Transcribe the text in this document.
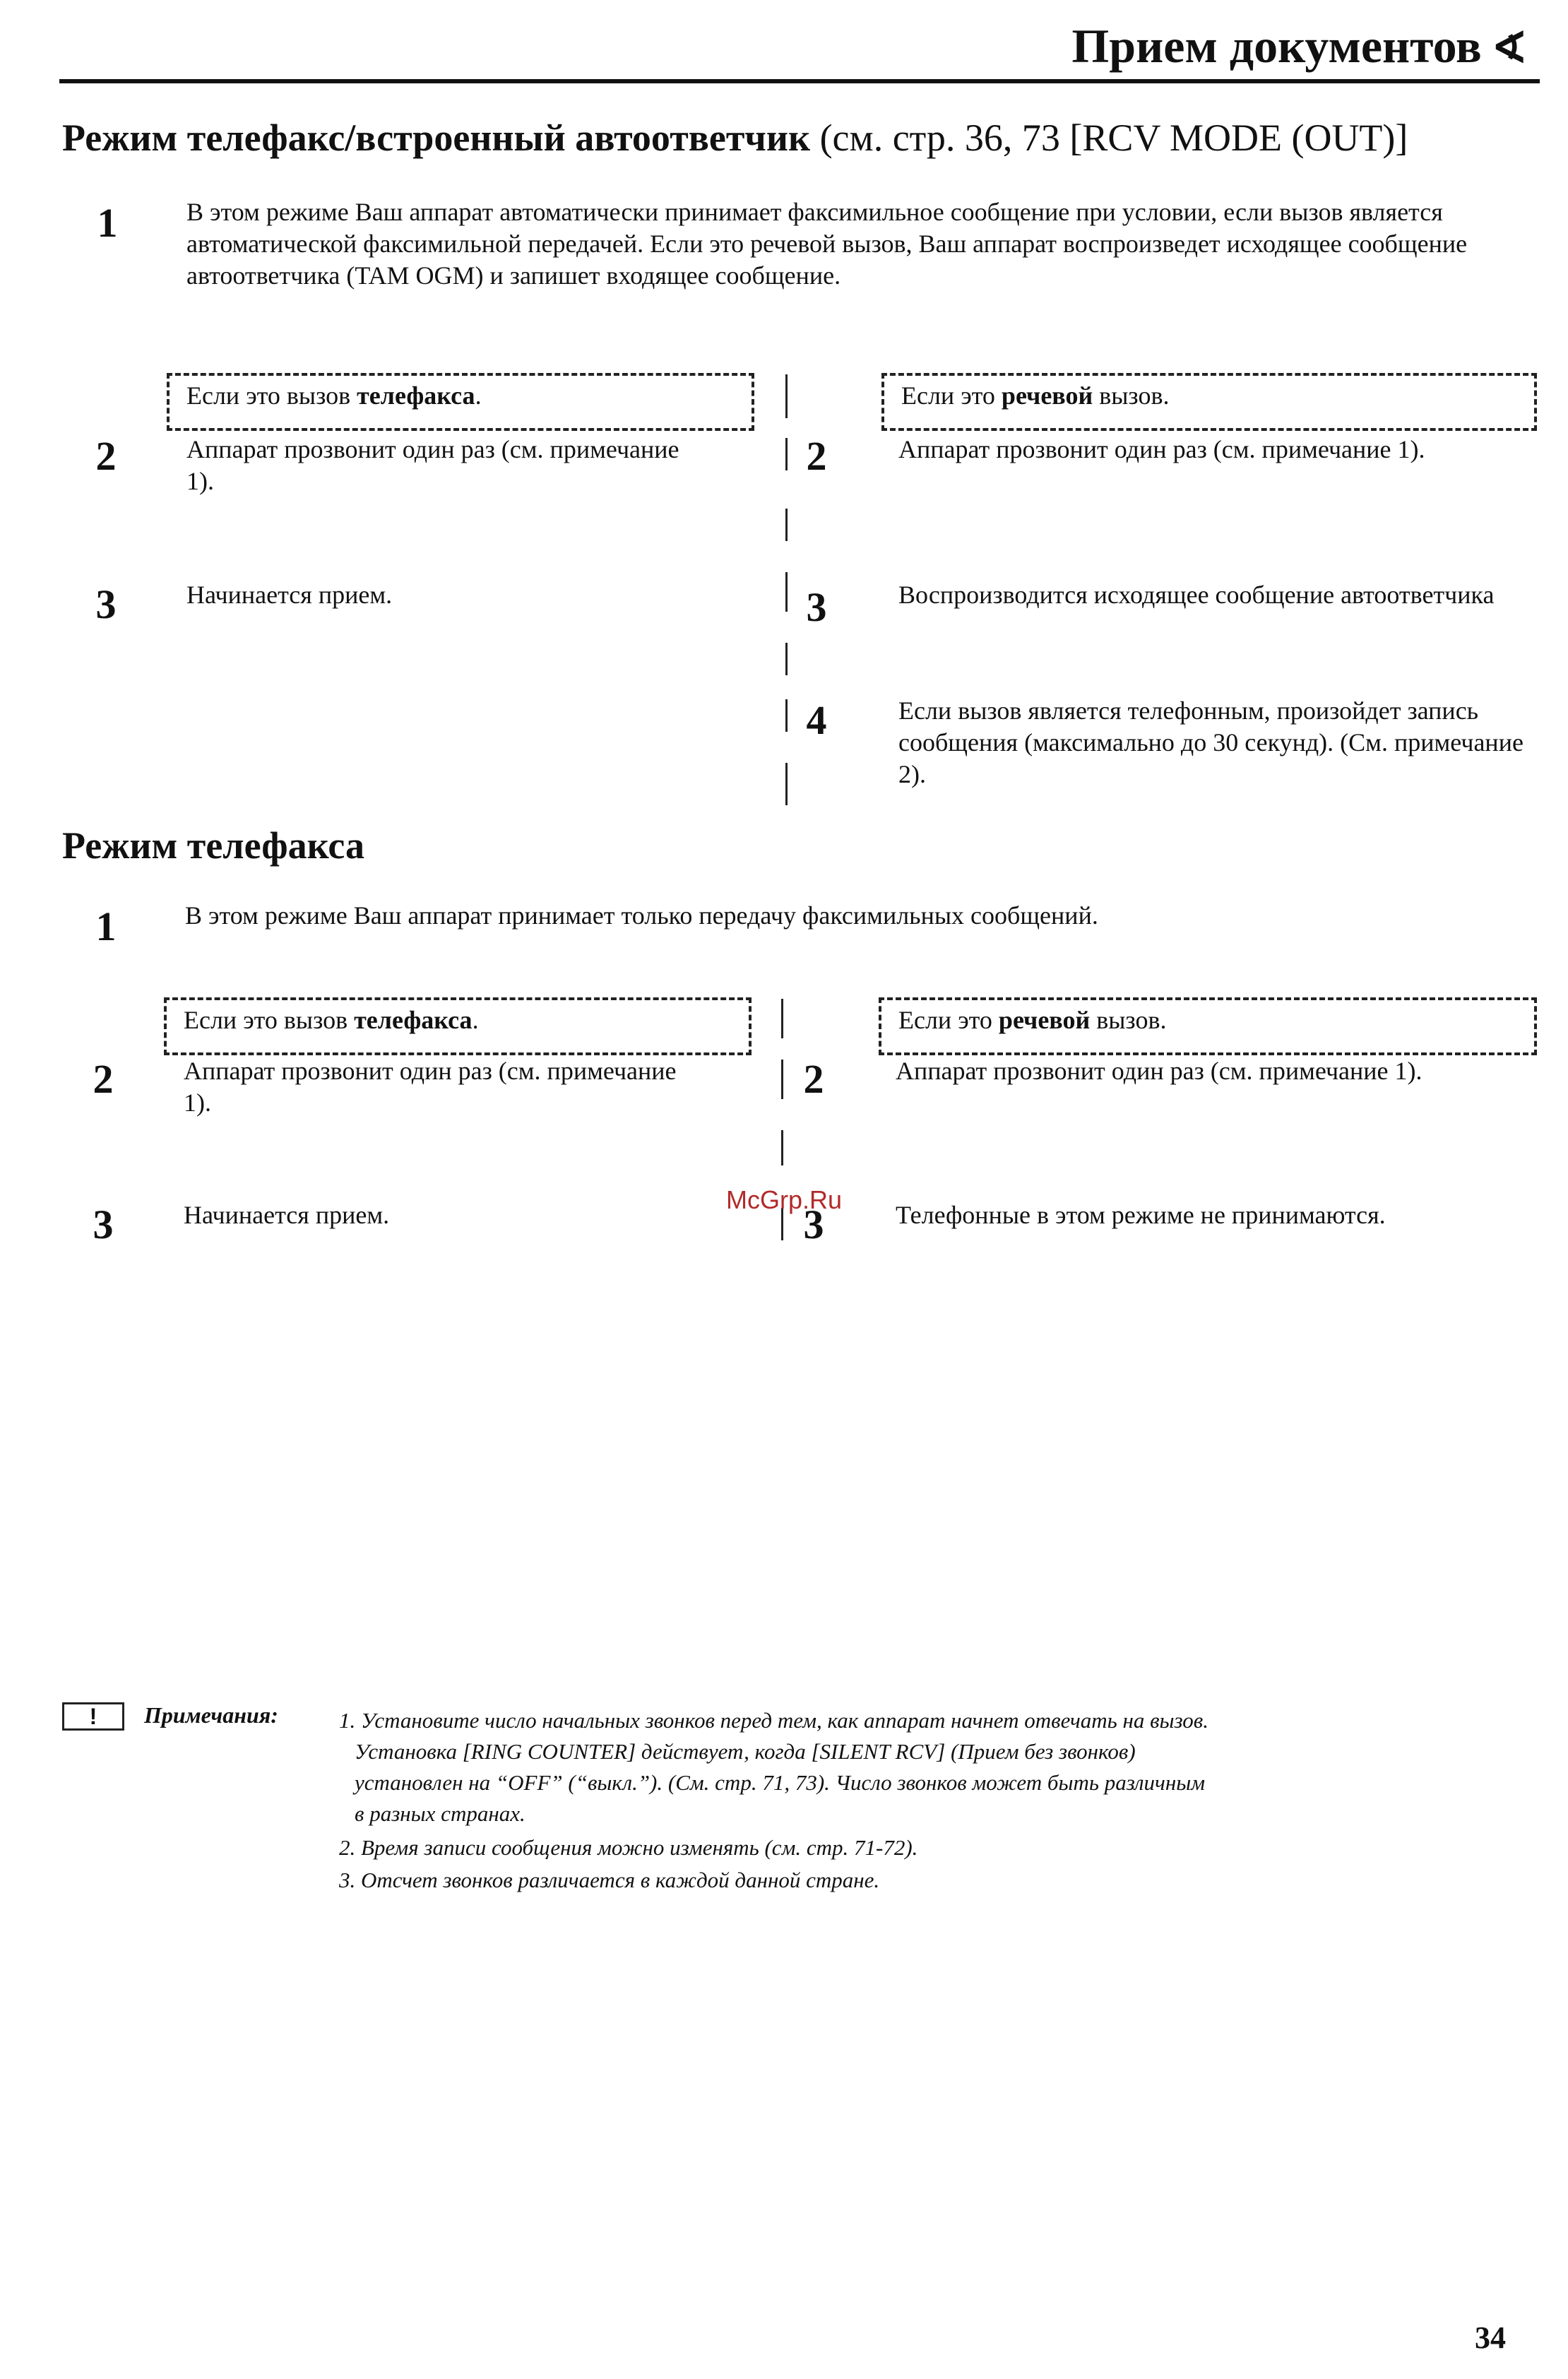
Прием документов ∢
Режим телефакс/встроенный автоответчик (см. стр. 36, 73 [RCV MODE (OUT)]
1	В этом режиме Ваш аппарат автоматически принимает факсимильное сообщение при условии, если вызов является автоматической факсимильной передачей. Если это речевой вызов, Ваш аппарат воспроизведет исходящее сообщение автоответчика (TAM OGM) и запишет входящее сообщение.
Если это вызов телефакса.
2	Аппарат прозвонит один раз (см. примечание 1).
3	Начинается прием.
Если это речевой вызов.
2	Аппарат прозвонит один раз (см. примечание 1).
3	Воспроизводится исходящее сообщение автоответчика
4	Если вызов является телефонным, произойдет запись сообщения (максимально до 30 секунд). (См. примечание 2).
Режим телефакса
1	В этом режиме Ваш аппарат принимает только передачу факсимильных сообщений.
Если это вызов телефакса.
2	Аппарат прозвонит один раз (см. примечание 1).
3	Начинается прием.
Если это речевой вызов.
2	Аппарат прозвонит один раз (см. примечание 1).
3	Телефонные в этом режиме не принимаются.
McGrp.Ru
!	Примечания:	1. Установите число начальных звонков перед тем, как аппарат начнет отвечать на вызов.
Установка [RING COUNTER] действует, когда [SILENT RCV] (Прием без звонков)
установлен на “OFF” (“выкл.”). (См. стр. 71, 73). Число звонков может быть различным
в разных странах.
2. Время записи сообщения можно изменять (см. стр. 71-72).
3. Отсчет звонков различается в каждой данной стране.
34
